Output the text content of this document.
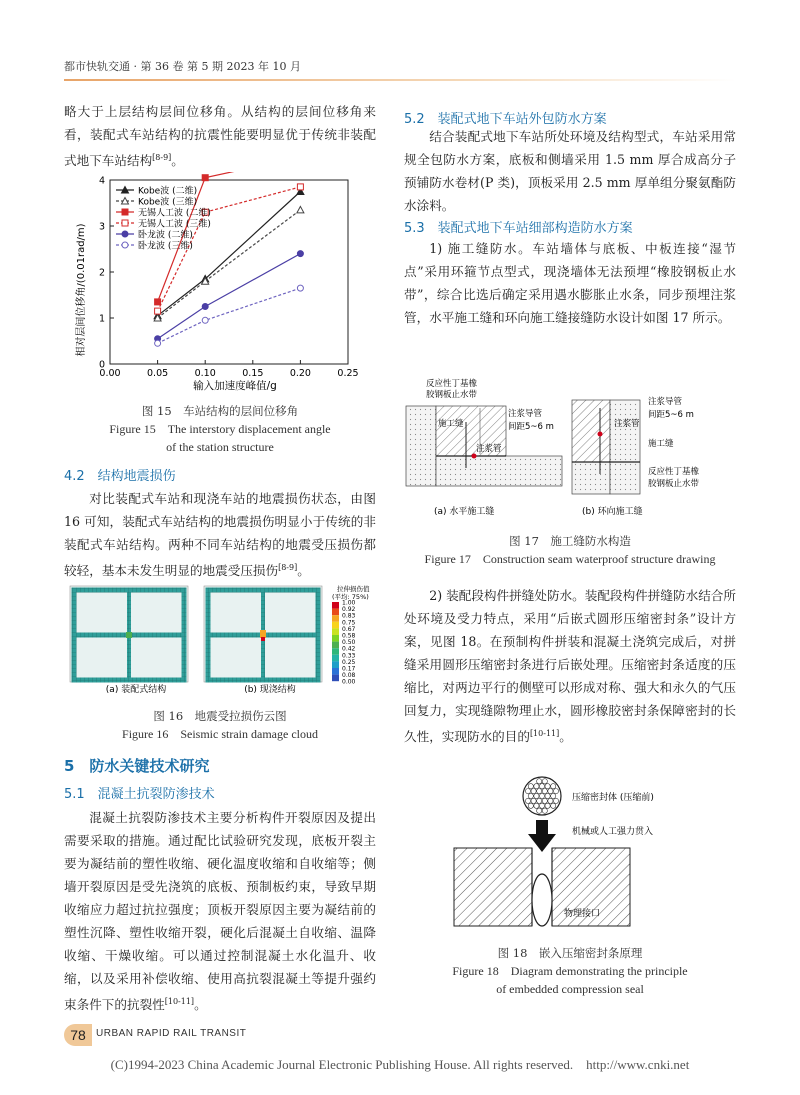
都市快轨交通 · 第 36 卷 第 5 期 2023 年 10 月

略大于上层结构层间位移角。从结构的层间位移角来看，装配式车站结构的抗震性能要明显优于传统非装配式地下车站结构[8-9]。

0.00	0.05	0.10	0.15	0.20	0.25
0
1
2
3
4
Kobe波 (二维)
Kobe波 (三维)
无锡人工波 (二维)
无锡人工波 (三维)
卧龙波 (二维)
卧龙波 (三维)
相对层间位移角/(0.01rad/m)
输入加速度峰值/g
图 15　车站结构的层间位移角
Figure 15　The interstory displacement angle
of the station structure
4.2　结构地震损伤

对比装配式车站和现浇车站的地震损伤状态，由图 16 可知，装配式车站结构的地震损伤明显小于传统的非装配式车站结构。两种不同车站结构的地震受压损伤都较轻，基本未发生明显的地震受压损伤[8-9]。

拉伸损伤值
(平均: 75%)
1.00
0.92
0.83
0.75
0.67
0.58
0.50
0.42
0.33
0.25
0.17
0.08
0.00
(a) 装配式结构	(b) 现浇结构
图 16　地震受拉损伤云图
Figure 16　Seismic strain damage cloud
5　防水关键技术研究
5.1　混凝土抗裂防渗技术

混凝土抗裂防渗技术主要分析构件开裂原因及提出需要采取的措施。通过配比试验研究发现，底板开裂主要为凝结前的塑性收缩、硬化温度收缩和自收缩等；侧墙开裂原因是受先浇筑的底板、预制板约束，导致早期收缩应力超过抗拉强度；顶板开裂原因主要为凝结前的塑性沉降、塑性收缩开裂，硬化后混凝土自收缩、温降收缩、干燥收缩。可以通过控制混凝土水化温升、收缩，以及采用补偿收缩、使用高抗裂混凝土等提升强约束条件下的抗裂性[10-11]。

5.2　装配式地下车站外包防水方案

结合装配式地下车站所处环境及结构型式，车站采用常规全包防水方案，底板和侧墙采用 1.5 mm 厚合成高分子预铺防水卷材(P 类)，顶板采用 2.5 mm 厚单组分聚氨酯防水涂料。

5.3　装配式地下车站细部构造防水方案

1) 施工缝防水。车站墙体与底板、中板连接“湿节点”采用环箍节点型式，现浇墙体无法预埋“橡胶钢板止水带”，综合比选后确定采用遇水膨胀止水条，同步预埋注浆管，水平施工缝和环向施工缝接缝防水设计如图 17 所示。

反应性丁基橡
胶钢板止水带
施工缝
注浆导管
间距5~6 m
注浆管
(a) 水平施工缝
注浆导管
间距5~6 m
注浆管
施工缝
反应性丁基橡
胶钢板止水带
(b) 环向施工缝
图 17　施工缝防水构造
Figure 17　Construction seam waterproof structure drawing

2) 装配段构件拼缝处防水。装配段构件拼缝防水结合所处环境及受力特点，采用“后嵌式圆形压缩密封条”设计方案，见图 18。在预制构件拼装和混凝土浇筑完成后，对拼缝采用圆形压缩密封条进行后嵌处理。压缩密封条适度的压缩比，对两边平行的侧壁可以形成对称、强大和永久的气压回复力，实现缝隙物理止水，圆形橡胶密封条保障密封的长久性，实现防水的目的[10-11]。

压缩密封体 (压缩前)
机械或人工强力贯入
物理接口
图 18　嵌入压缩密封条原理
Figure 18　Diagram demonstrating the principle
of embedded compression seal
78	URBAN RAPID RAIL TRANSIT
(C)1994-2023 China Academic Journal Electronic Publishing House. All rights reserved.　http://www.cnki.net
